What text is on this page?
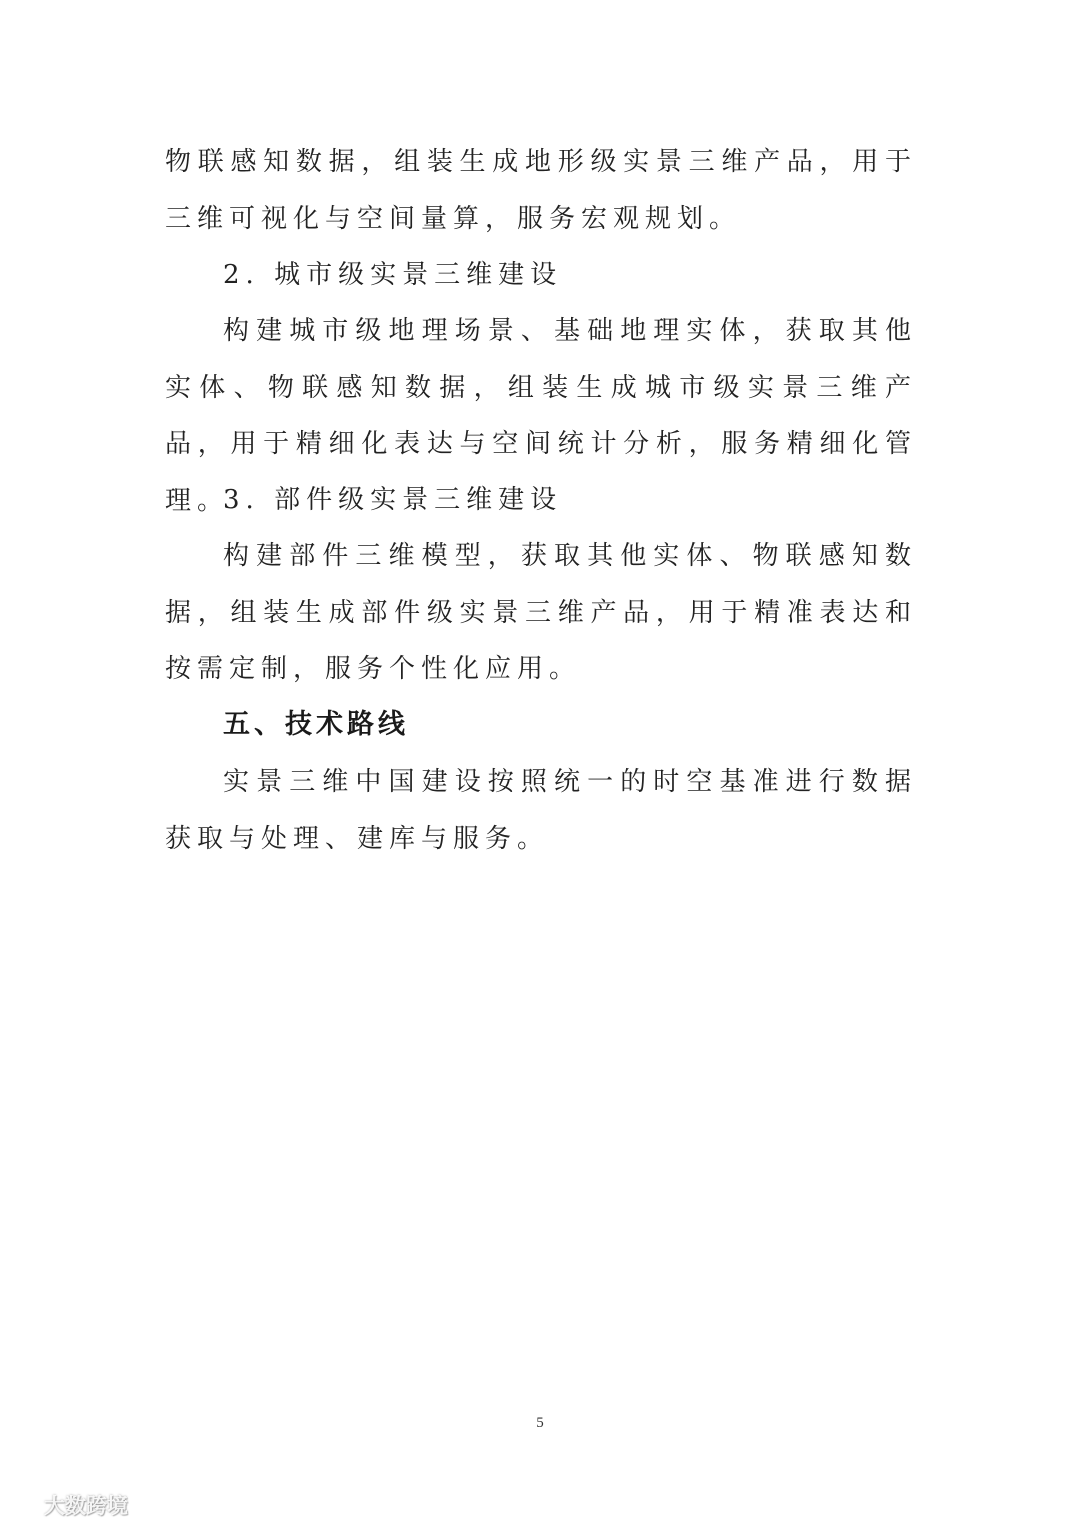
物联感知数据，组装生成地形级实景三维产品，用于三维可视化与空间量算，服务宏观规划。

2. 城市级实景三维建设

构建城市级地理场景、基础地理实体，获取其他实体、物联感知数据，组装生成城市级实景三维产品，用于精细化表达与空间统计分析，服务精细化管理。

3. 部件级实景三维建设

构建部件三维模型，获取其他实体、物联感知数据，组装生成部件级实景三维产品，用于精准表达和按需定制，服务个性化应用。

五、技术路线

实景三维中国建设按照统一的时空基准进行数据获取与处理、建库与服务。

5
大数跨境
